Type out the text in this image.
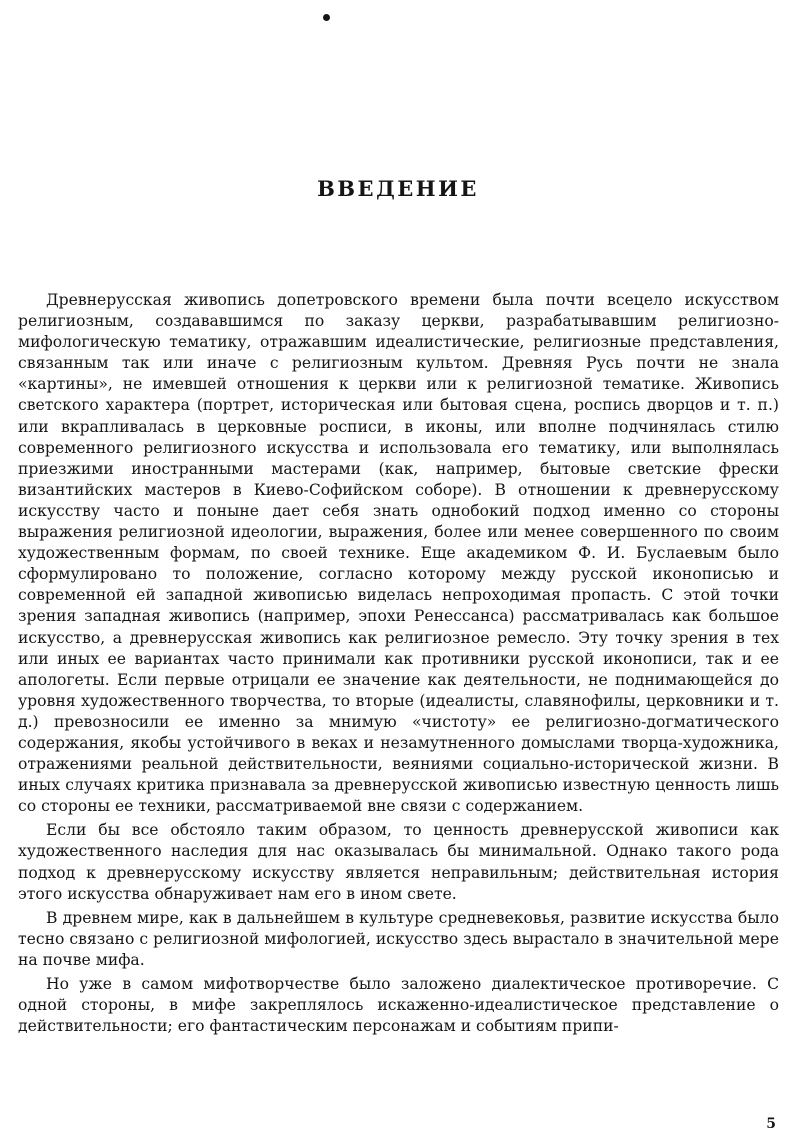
ВВЕДЕНИЕ

Древнерусская живопись допетровского времени была почти всецело искусством религиозным, создававшимся по заказу церкви, разрабатывавшим религиозно-мифологическую тематику, отражавшим идеалистические, религиозные представления, связанным так или иначе с религиозным культом. Древняя Русь почти не знала «картины», не имевшей отношения к церкви или к религиозной тематике. Живопись светского характера (портрет, историческая или бытовая сцена, роспись дворцов и т. п.) или вкрапливалась в церковные росписи, в иконы, или вполне подчинялась стилю современного религиозного искусства и использовала его тематику, или выполнялась приезжими иностранными мастерами (как, например, бытовые светские фрески византийских мастеров в Киево-Софийском соборе). В отношении к древнерусскому искусству часто и поныне дает себя знать однобокий подход именно со стороны выражения религиозной идеологии, выражения, более или менее совершенного по своим художественным формам, по своей технике. Еще академиком Ф. И. Буслаевым было сформулировано то положение, согласно которому между русской иконописью и современной ей западной живописью виделась непроходимая пропасть. С этой точки зрения западная живопись (например, эпохи Ренессанса) рассматривалась как большое искусство, а древнерусская живопись как религиозное ремесло. Эту точку зрения в тех или иных ее вариантах часто принимали как противники русской иконописи, так и ее апологеты. Если первые отрицали ее значение как деятельности, не поднимающейся до уровня художественного творчества, то вторые (идеалисты, славянофилы, церковники и т. д.) превозносили ее именно за мнимую «чистоту» ее религиозно-догматического содержания, якобы устойчивого в веках и незамутненного домыслами творца-художника, отражениями реальной действительности, веяниями социально-исторической жизни. В иных случаях критика признавала за древнерусской живописью известную ценность лишь со стороны ее техники, рассматриваемой вне связи с содержанием.

Если бы все обстояло таким образом, то ценность древнерусской живописи как художественного наследия для нас оказывалась бы минимальной. Однако такого рода подход к древнерусскому искусству является неправильным; действительная история этого искусства обнаруживает нам его в ином свете.

В древнем мире, как в дальнейшем в культуре средневековья, развитие искусства было тесно связано с религиозной мифологией, искусство здесь вырастало в значительной мере на почве мифа.

Но уже в самом мифотворчестве было заложено диалектическое противоречие. С одной стороны, в мифе закреплялось искаженно-идеалистическое представление о действительности; его фантастическим персонажам и событиям припи-

5
